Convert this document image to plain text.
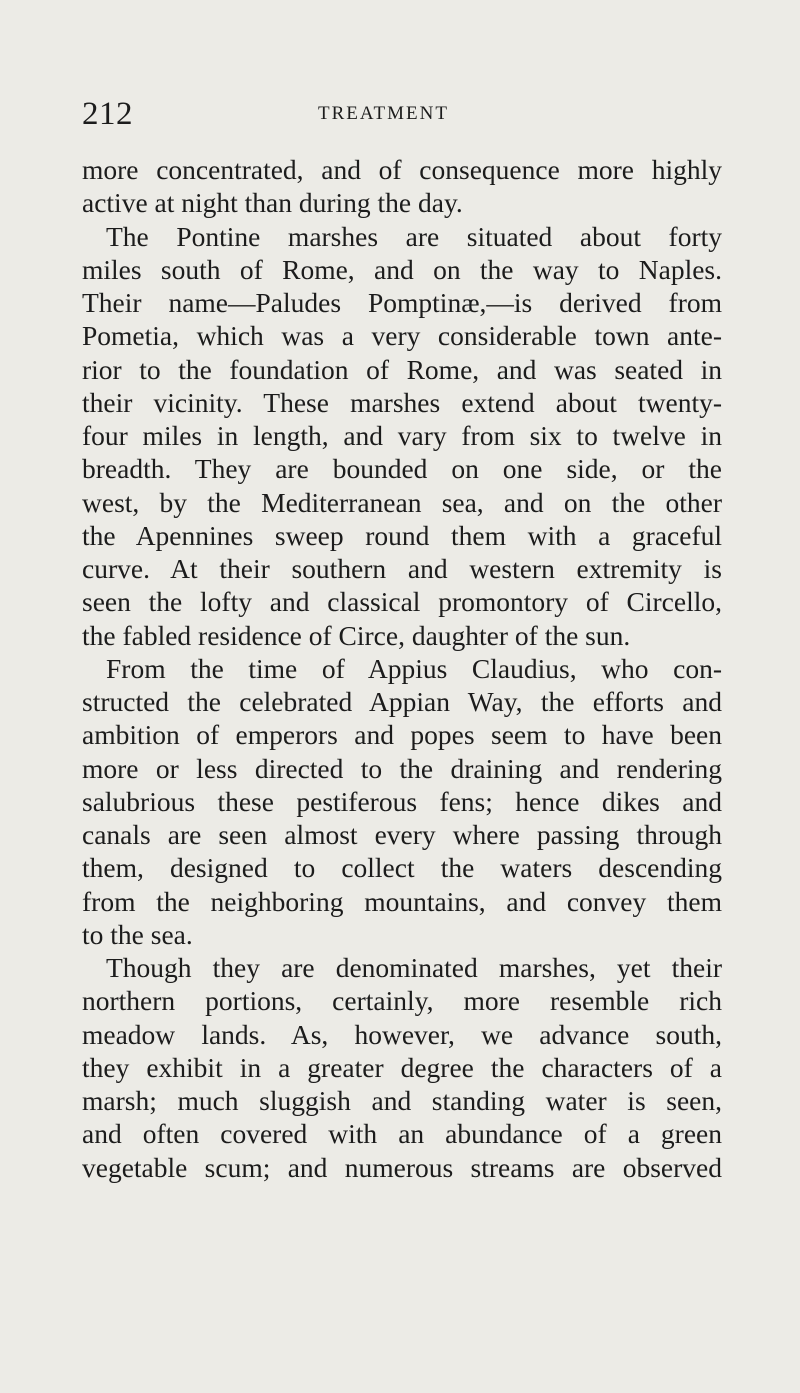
212	TREATMENT
more concentrated, and of consequence more highly
active at night than during the day.
The Pontine marshes are situated about forty
miles south of Rome, and on the way to Naples.
Their name—Paludes Pomptinæ,—is derived from
Pometia, which was a very considerable town ante-
rior to the foundation of Rome, and was seated in
their vicinity. These marshes extend about twenty-
four miles in length, and vary from six to twelve in
breadth. They are bounded on one side, or the
west, by the Mediterranean sea, and on the other
the Apennines sweep round them with a graceful
curve. At their southern and western extremity is
seen the lofty and classical promontory of Circello,
the fabled residence of Circe, daughter of the sun.
From the time of Appius Claudius, who con-
structed the celebrated Appian Way, the efforts and
ambition of emperors and popes seem to have been
more or less directed to the draining and rendering
salubrious these pestiferous fens; hence dikes and
canals are seen almost every where passing through
them, designed to collect the waters descending
from the neighboring mountains, and convey them
to the sea.
Though they are denominated marshes, yet their
northern portions, certainly, more resemble rich
meadow lands. As, however, we advance south,
they exhibit in a greater degree the characters of a
marsh; much sluggish and standing water is seen,
and often covered with an abundance of a green
vegetable scum; and numerous streams are observed
